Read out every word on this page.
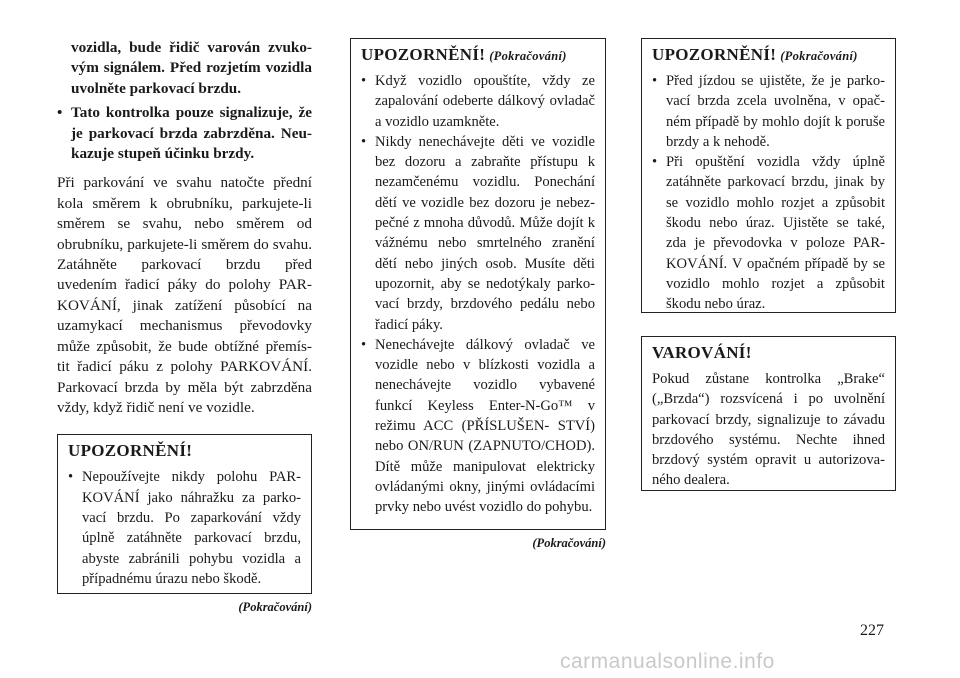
vozidla, bude řidič varován zvuko- vým signálem. Před rozjetím vozidla uvolněte parkovací brzdu.

• Tato kontrolka pouze signalizuje, že je parkovací brzda zabrzděna. Neu- kazuje stupeň účinku brzdy.

Při parkování ve svahu natočte přední kola směrem k obrubníku, parkujete-li směrem se svahu, nebo směrem od obrubníku, parkujete-li směrem do svahu. Zatáhněte parkovací brzdu před uvedením řadicí páky do polohy PAR- KOVÁNÍ, jinak zatížení působící na uzamykací mechanismus převodovky může způsobit, že bude obtížné přemís- tit řadicí páku z polohy PARKOVÁNÍ. Parkovací brzda by měla být zabrzděna vždy, když řidič není ve vozidle.

UPOZORNĚNÍ!
• Nepoužívejte nikdy polohu PAR- KOVÁNÍ jako náhražku za parko- vací brzdu. Po zaparkování vždy úplně zatáhněte parkovací brzdu, abyste zabránili pohybu vozidla a případnému úrazu nebo škodě.
(Pokračování)
UPOZORNĚNÍ! (Pokračování)
• Když vozidlo opouštíte, vždy ze zapalování odeberte dálkový ovladač a vozidlo uzamkněte.
• Nikdy nenechávejte děti ve vozidle bez dozoru a zabraňte přístupu k nezamčenému vozidlu. Ponechání dětí ve vozidle bez dozoru je nebez- pečné z mnoha důvodů. Může dojít k vážnému nebo smrtelného zranění dětí nebo jiných osob. Musíte děti upozornit, aby se nedotýkaly parko- vací brzdy, brzdového pedálu nebo řadicí páky.
• Nenechávejte dálkový ovladač ve vozidle nebo v blízkosti vozidla a nenechávejte vozidlo vybavené funkcí Keyless Enter-N-Go™ v režimu ACC (PŘÍSLUŠEN- STVÍ) nebo ON/RUN (ZAPNUTO/CHOD). Dítě může manipulovat elektricky ovládanými okny, jinými ovládacími prvky nebo uvést vozidlo do pohybu.
(Pokračování)
UPOZORNĚNÍ! (Pokračování)
• Před jízdou se ujistěte, že je parko- vací brzda zcela uvolněna, v opač- ném případě by mohlo dojít k poruše brzdy a k nehodě.
• Při opuštění vozidla vždy úplně zatáhněte parkovací brzdu, jinak by se vozidlo mohlo rozjet a způsobit škodu nebo úraz. Ujistěte se také, zda je převodovka v poloze PAR- KOVÁNÍ. V opačném případě by se vozidlo mohlo rozjet a způsobit škodu nebo úraz.
VAROVÁNÍ!

Pokud zůstane kontrolka „Brake“ („Brzda“) rozsvícená i po uvolnění parkovací brzdy, signalizuje to závadu brzdového systému. Nechte ihned brzdový systém opravit u autorizova- ného dealera.

227
carmanualsonline.info
